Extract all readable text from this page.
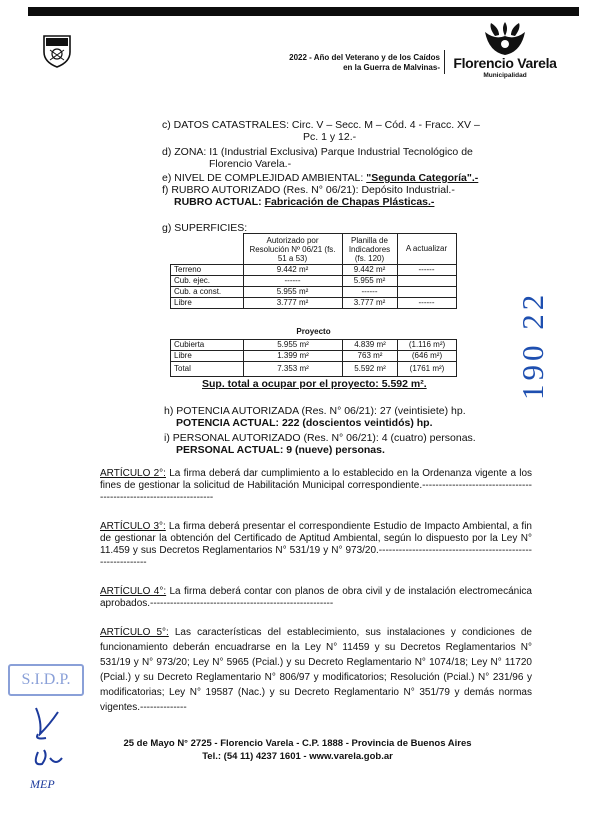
2022 - Año del Veterano y de los Caídos
en la Guerra de Malvinas- Florencio Varela
Municipalidad
c) DATOS CATASTRALES: Circ. V – Secc. M – Cód. 4 - Fracc. XV –
Pc. 1 y 12.-
d) ZONA: I1 (Industrial Exclusiva) Parque Industrial Tecnológico de
Florencio Varela.-
e) NIVEL DE COMPLEJIDAD AMBIENTAL: "Segunda Categoría".-
f) RUBRO AUTORIZADO (Res. N° 06/21): Depósito Industrial.-
RUBRO ACTUAL: Fabricación de Chapas Plásticas.-
g) SUPERFICIES:
	Autorizado por Resolución Nº 06/21 (fs. 51 a 53)	Planilla de Indicadores (fs. 120)	A actualizar
Terreno	9.442 m²	9.442 m²	------
Cub. ejec.	------	5.955 m²	
Cub. a const.	5.955 m²	------	
Libre	3.777 m²	3.777 m²	------
Proyecto			
Cubierta	5.955 m²	4.839 m²	(1.116 m²)
Libre	1.399 m²	763 m²	(646 m²)
Total	7.353 m²	5.592 m²	(1761 m²)
Sup. total a ocupar por el proyecto: 5.592 m².
h) POTENCIA AUTORIZADA (Res. N° 06/21): 27 (veintisiete) hp.
POTENCIA ACTUAL: 222 (doscientos veintidós) hp.
i) PERSONAL AUTORIZADO (Res. N° 06/21): 4 (cuatro) personas.
PERSONAL ACTUAL: 9 (nueve) personas.
190 22
ARTÍCULO 2°: La firma deberá dar cumplimiento a lo establecido en la Ordenanza vigente a los fines de gestionar la solicitud de Habilitación Municipal correspondiente.-------------------------------------------------------------------
ARTÍCULO 3°: La firma deberá presentar el correspondiente Estudio de Impacto Ambiental, a fin de gestionar la obtención del Certificado de Aptitud Ambiental, según lo dispuesto por la Ley N° 11.459 y sus Decretos Reglamentarios N° 531/19 y N° 973/20.------------------------------------------------------------
ARTÍCULO 4°: La firma deberá contar con planos de obra civil y de instalación electromecánica aprobados.-------------------------------------------------------
ARTÍCULO 5°: Las características del establecimiento, sus instalaciones y condiciones de funcionamiento deberán encuadrarse en la Ley N° 11459 y su Decretos Reglamentarios N° 531/19 y N° 973/20; Ley N° 5965 (Pcial.) y su Decreto Reglamentario N° 1074/18; Ley N° 11720 (Pcial.) y su Decreto Reglamentario N° 806/97 y modificatorios; Resolución (Pcial.) N° 231/96 y modificatorias; Ley N° 19587 (Nac.) y su Decreto Reglamentario N° 351/79 y demás normas vigentes.--------------
S.I.D.P.
MEP
25 de Mayo N° 2725 - Florencio Varela - C.P. 1888 - Provincia de Buenos Aires
Tel.: (54 11) 4237 1601 - www.varela.gob.ar
